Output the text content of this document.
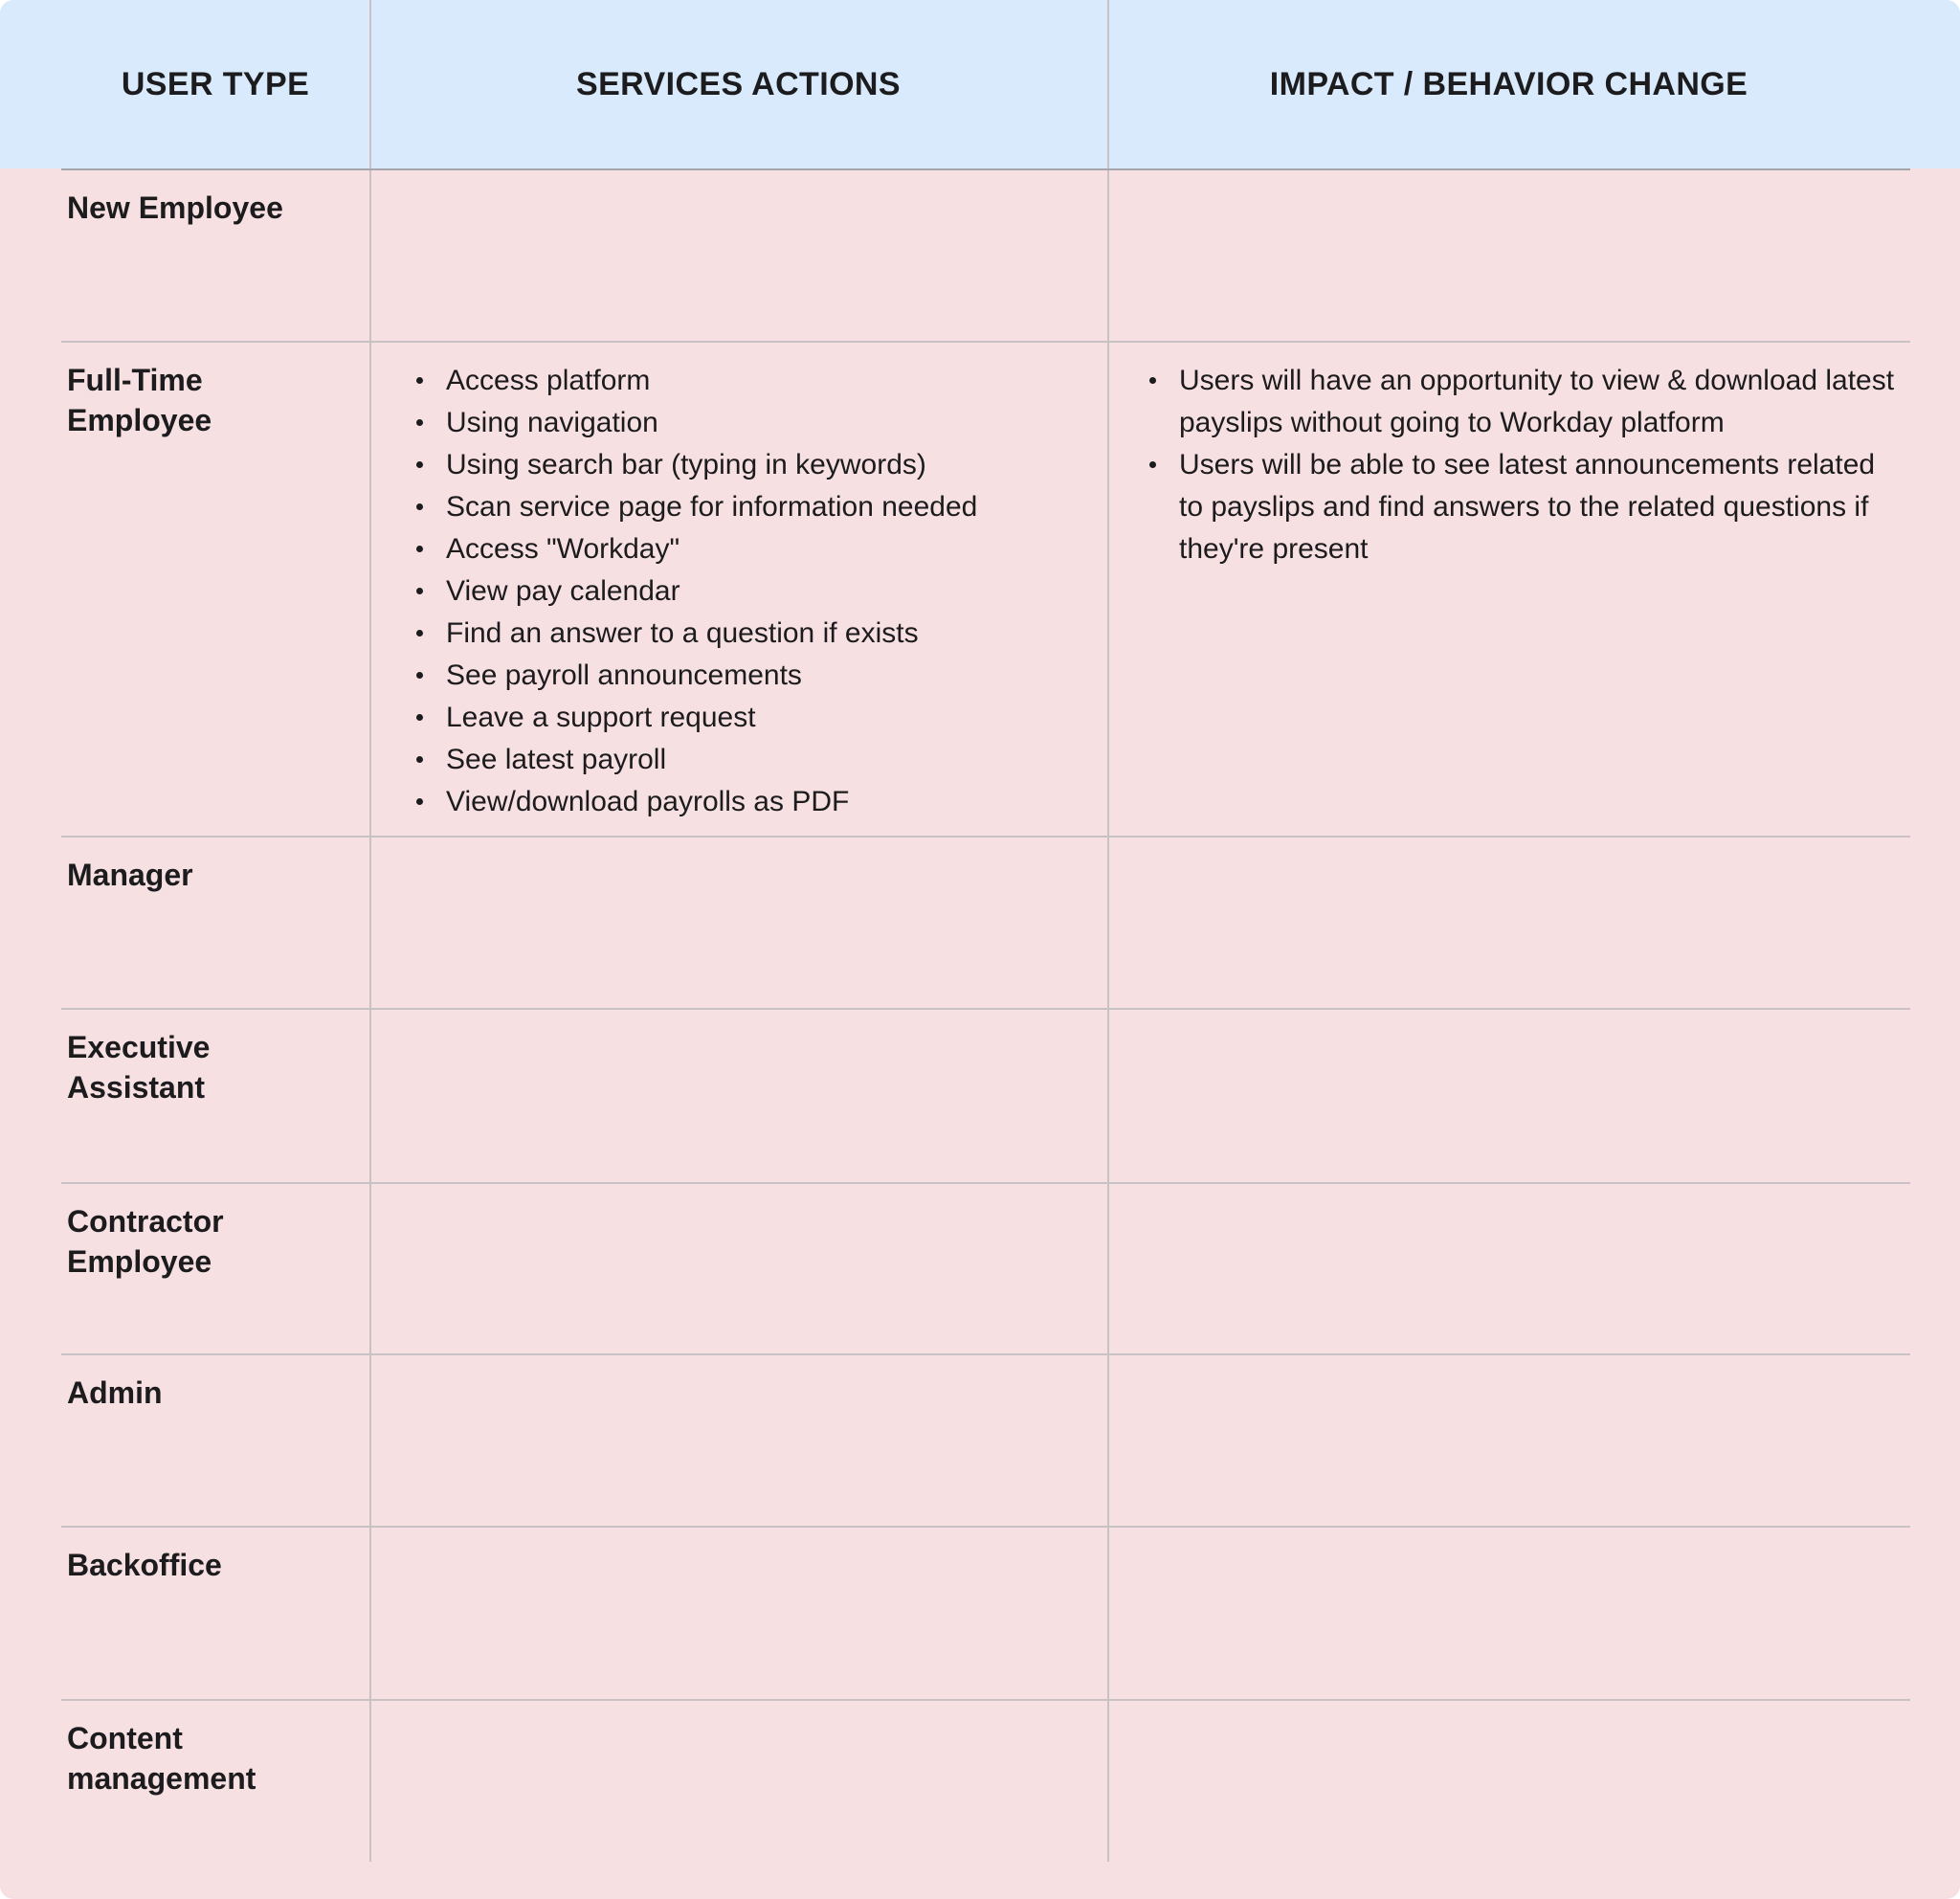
USER TYPE	SERVICES ACTIONS	IMPACT / BEHAVIOR CHANGE
New Employee
Full-Time Employee
Access platform
Using navigation
Using search bar (typing in keywords)
Scan service page for information needed
Access "Workday"
View pay calendar
Find an answer to a question if exists
See payroll announcements
Leave a support request
See latest payroll
View/download payrolls as PDF
Users will have an opportunity to view & download latest payslips without going to Workday platform
Users will be able to see latest announcements related to payslips and find answers to the related questions if they're present
Manager
Executive Assistant
Contractor Employee
Admin
Backoffice
Content management
